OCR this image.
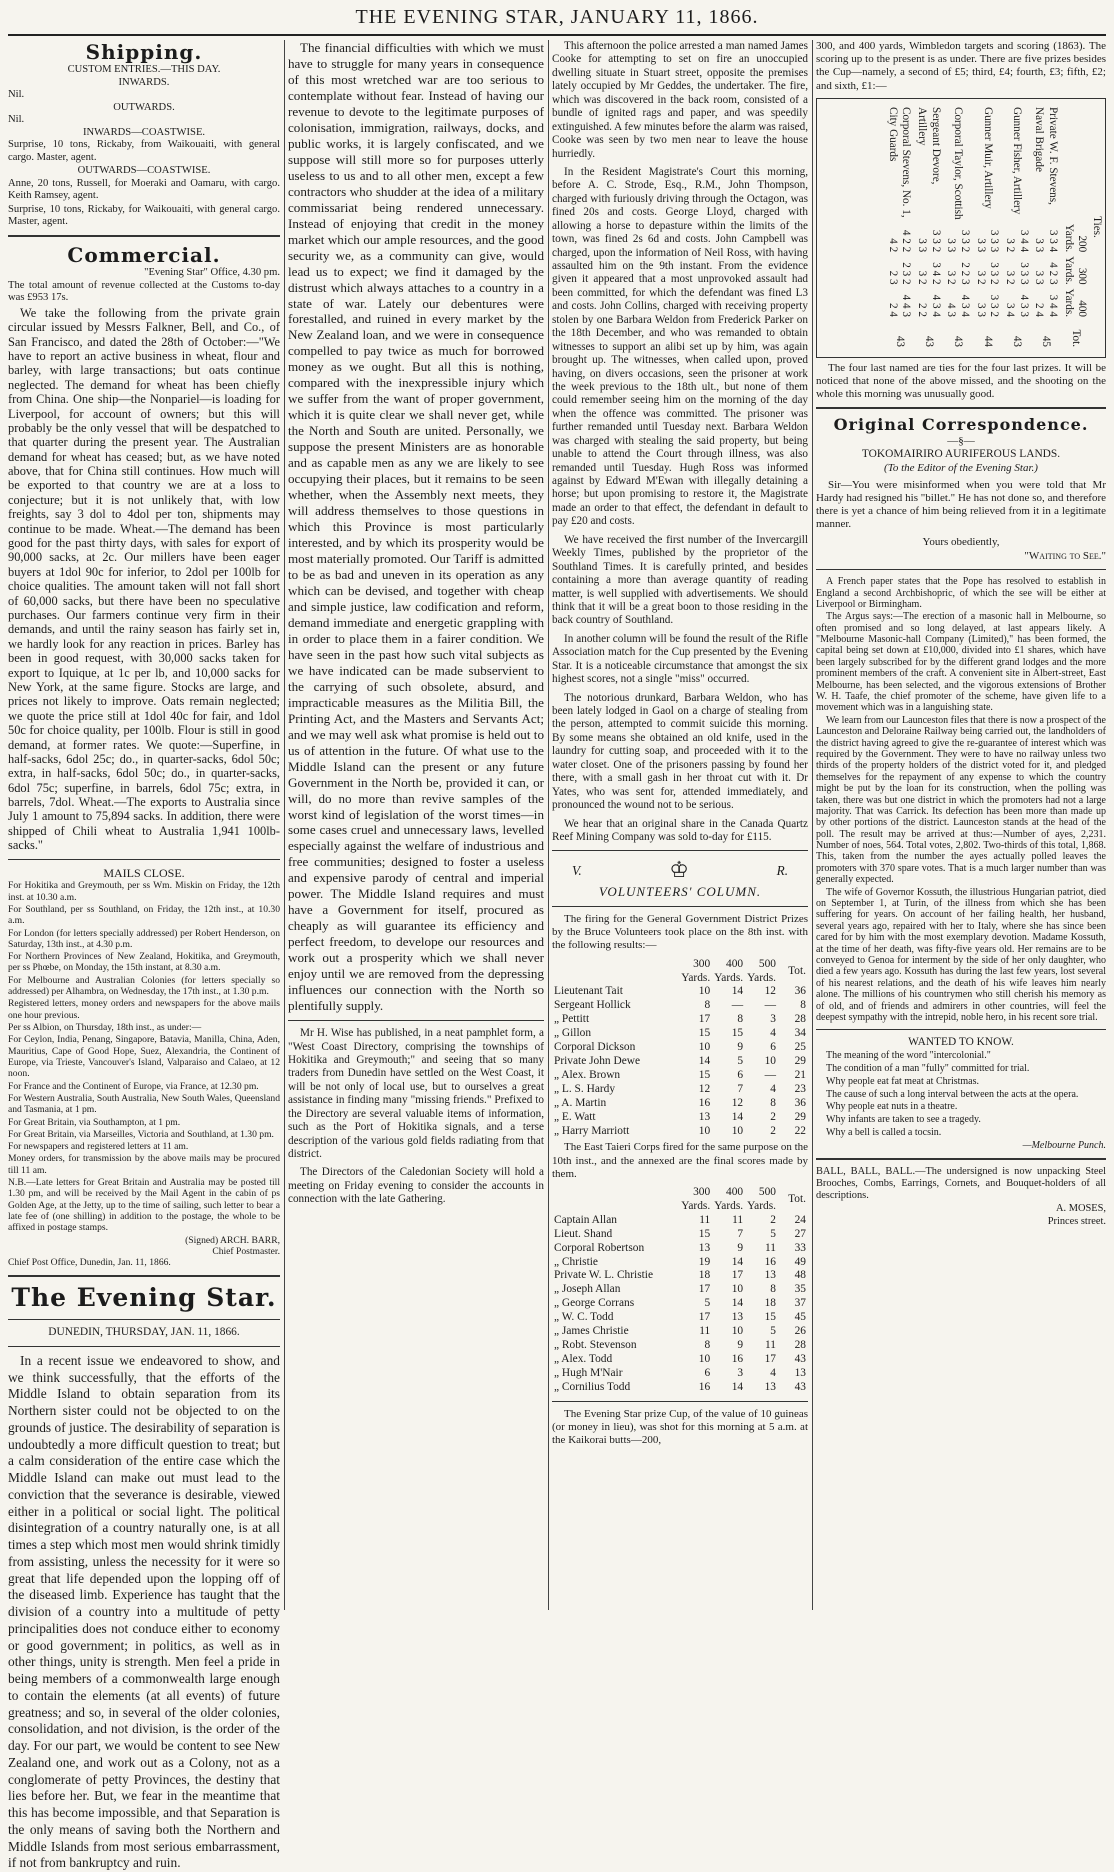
THE EVENING STAR, JANUARY 11, 1866.
Shipping.
CUSTOM ENTRIES.—THIS DAY.
INWARDS.
Nil.
OUTWARDS.
Nil.
INWARDS—COASTWISE.

Surprise, 10 tons, Rickaby, from Waikouaiti, with general cargo. Master, agent.

OUTWARDS—COASTWISE.

Anne, 20 tons, Russell, for Moeraki and Oamaru, with cargo. Keith Ramsey, agent.

Surprise, 10 tons, Rickaby, for Waikouaiti, with general cargo. Master, agent.

Commercial.
"Evening Star" Office, 4.30 pm.

The total amount of revenue collected at the Customs to-day was £953 17s.

We take the following from the private grain circular issued by Messrs Falkner, Bell, and Co., of San Francisco, and dated the 28th of October:—"We have to report an active business in wheat, flour and barley, with large transactions; but oats continue neglected. The demand for wheat has been chiefly from China. One ship—the Nonpariel—is loading for Liverpool, for account of owners; but this will probably be the only vessel that will be despatched to that quarter during the present year. The Australian demand for wheat has ceased; but, as we have noted above, that for China still continues. How much will be exported to that country we are at a loss to conjecture; but it is not unlikely that, with low freights, say 3 dol to 4dol per ton, shipments may continue to be made. Wheat.—The demand has been good for the past thirty days, with sales for export of 90,000 sacks, at 2c. Our millers have been eager buyers at 1dol 90c for inferior, to 2dol per 100lb for choice qualities. The amount taken will not fall short of 60,000 sacks, but there have been no speculative purchases. Our farmers continue very firm in their demands, and until the rainy season has fairly set in, we hardly look for any reaction in prices. Barley has been in good request, with 30,000 sacks taken for export to Iquique, at 1c per lb, and 10,000 sacks for New York, at the same figure. Stocks are large, and prices not likely to improve. Oats remain neglected; we quote the price still at 1dol 40c for fair, and 1dol 50c for choice quality, per 100lb. Flour is still in good demand, at former rates. We quote:—Superfine, in half-sacks, 6dol 25c; do., in quarter-sacks, 6dol 50c; extra, in half-sacks, 6dol 50c; do., in quarter-sacks, 6dol 75c; superfine, in barrels, 6dol 75c; extra, in barrels, 7dol. Wheat.—The exports to Australia since July 1 amount to 75,894 sacks. In addition, there were shipped of Chili wheat to Australia 1,941 100lb-sacks."

MAILS CLOSE.

For Hokitika and Greymouth, per ss Wm. Miskin on Friday, the 12th inst. at 10.30 a.m.

For Southland, per ss Southland, on Friday, the 12th inst., at 10.30 a.m.

For London (for letters specially addressed) per Robert Henderson, on Saturday, 13th inst., at 4.30 p.m.

For Northern Provinces of New Zealand, Hokitika, and Greymouth, per ss Phœbe, on Monday, the 15th instant, at 8.30 a.m.

For Melbourne and Australian Colonies (for letters specially so addressed) per Alhambra, on Wednesday, the 17th inst., at 1.30 p.m.

Registered letters, money orders and newspapers for the above mails one hour previous.

Per ss Albion, on Thursday, 18th inst., as under:—

For Ceylon, India, Penang, Singapore, Batavia, Manilla, China, Aden, Mauritius, Cape of Good Hope, Suez, Alexandria, the Continent of Europe, via Trieste, Vancouver's Island, Valparaiso and Calaeo, at 12 noon.

For France and the Continent of Europe, via France, at 12.30 pm.

For Western Australia, South Australia, New South Wales, Queensland and Tasmania, at 1 pm.

For Great Britain, via Southampton, at 1 pm.

For Great Britain, via Marseilles, Victoria and Southland, at 1.30 pm.

For newspapers and registered letters at 11 am.

Money orders, for transmission by the above mails may be procured till 11 am.

N.B.—Late letters for Great Britain and Australia may be posted till 1.30 pm, and will be received by the Mail Agent in the cabin of ps Golden Age, at the Jetty, up to the time of sailing, such letter to bear a late fee of (one shilling) in addition to the postage, the whole to be affixed in postage stamps.

(Signed) ARCH. BARR,
Chief Postmaster.
Chief Post Office, Dunedin, Jan. 11, 1866.
The Evening Star.
DUNEDIN, THURSDAY, JAN. 11, 1866.

In a recent issue we endeavored to show, and we think successfully, that the efforts of the Middle Island to obtain separation from its Northern sister could not be objected to on the grounds of justice. The desirability of separation is undoubtedly a more difficult question to treat; but a calm consideration of the entire case which the Middle Island can make out must lead to the conviction that the severance is desirable, viewed either in a political or social light. The political disintegration of a country naturally one, is at all times a step which most men would shrink timidly from assisting, unless the necessity for it were so great that life depended upon the lopping off of the diseased limb. Experience has taught that the division of a country into a multitude of petty principalities does not conduce either to economy or good government; in politics, as well as in other things, unity is strength. Men feel a pride in being members of a commonwealth large enough to contain the elements (at all events) of future greatness; and so, in several of the older colonies, consolidation, and not division, is the order of the day. For our part, we would be content to see New Zealand one, and work out as a Colony, not as a conglomerate of petty Provinces, the destiny that lies before her. But, we fear in the meantime that this has become impossible, and that Separation is the only means of saving both the Northern and Middle Islands from most serious embarrassment, if not from bankruptcy and ruin.

The financial difficulties with which we must have to struggle for many years in consequence of this most wretched war are too serious to contemplate without fear. Instead of having our revenue to devote to the legitimate purposes of colonisation, immigration, railways, docks, and public works, it is largely confiscated, and we suppose will still more so for purposes utterly useless to us and to all other men, except a few contractors who shudder at the idea of a military commissariat being rendered unnecessary. Instead of enjoying that credit in the money market which our ample resources, and the good security we, as a community can give, would lead us to expect; we find it damaged by the distrust which always attaches to a country in a state of war. Lately our debentures were forestalled, and ruined in every market by the New Zealand loan, and we were in consequence compelled to pay twice as much for borrowed money as we ought. But all this is nothing, compared with the inexpressible injury which we suffer from the want of proper government, which it is quite clear we shall never get, while the North and South are united. Personally, we suppose the present Ministers are as honorable and as capable men as any we are likely to see occupying their places, but it remains to be seen whether, when the Assembly next meets, they will address themselves to those questions in which this Province is most particularly interested, and by which its prosperity would be most materially promoted. Our Tariff is admitted to be as bad and uneven in its operation as any which can be devised, and together with cheap and simple justice, law codification and reform, demand immediate and energetic grappling with in order to place them in a fairer condition. We have seen in the past how such vital subjects as we have indicated can be made subservient to the carrying of such obsolete, absurd, and impracticable measures as the Militia Bill, the Printing Act, and the Masters and Servants Act; and we may well ask what promise is held out to us of attention in the future. Of what use to the Middle Island can the present or any future Government in the North be, provided it can, or will, do no more than revive samples of the worst kind of legislation of the worst times—in some cases cruel and unnecessary laws, levelled especially against the welfare of industrious and free communities; designed to foster a useless and expensive parody of central and imperial power. The Middle Island requires and must have a Government for itself, procured as cheaply as will guarantee its efficiency and perfect freedom, to develope our resources and work out a prosperity which we shall never enjoy until we are removed from the depressing influences our connection with the North so plentifully supply.

Mr H. Wise has published, in a neat pamphlet form, a "West Coast Directory, comprising the townships of Hokitika and Greymouth;" and seeing that so many traders from Dunedin have settled on the West Coast, it will be not only of local use, but to ourselves a great assistance in finding many "missing friends." Prefixed to the Directory are several valuable items of information, such as the Port of Hokitika signals, and a terse description of the various gold fields radiating from that district.

The Directors of the Caledonian Society will hold a meeting on Friday evening to consider the accounts in connection with the late Gathering.

This afternoon the police arrested a man named James Cooke for attempting to set on fire an unoccupied dwelling situate in Stuart street, opposite the premises lately occupied by Mr Geddes, the undertaker. The fire, which was discovered in the back room, consisted of a bundle of ignited rags and paper, and was speedily extinguished. A few minutes before the alarm was raised, Cooke was seen by two men near to leave the house hurriedly.

In the Resident Magistrate's Court this morning, before A. C. Strode, Esq., R.M., John Thompson, charged with furiously driving through the Octagon, was fined 20s and costs. George Lloyd, charged with allowing a horse to depasture within the limits of the town, was fined 2s 6d and costs. John Campbell was charged, upon the information of Neil Ross, with having assaulted him on the 9th instant. From the evidence given it appeared that a most unprovoked assault had been committed, for which the defendant was fined L3 and costs. John Collins, charged with receiving property stolen by one Barbara Weldon from Frederick Parker on the 18th December, and who was remanded to obtain witnesses to support an alibi set up by him, was again brought up. The witnesses, when called upon, proved having, on divers occasions, seen the prisoner at work the week previous to the 18th ult., but none of them could remember seeing him on the morning of the day when the offence was committed. The prisoner was further remanded until Tuesday next. Barbara Weldon was charged with stealing the said property, but being unable to attend the Court through illness, was also remanded until Tuesday. Hugh Ross was informed against by Edward M'Ewan with illegally detaining a horse; but upon promising to restore it, the Magistrate made an order to that effect, the defendant in default to pay £20 and costs.

We have received the first number of the Invercargill Weekly Times, published by the proprietor of the Southland Times. It is carefully printed, and besides containing a more than average quantity of reading matter, is well supplied with advertisements. We should think that it will be a great boon to those residing in the back country of Southland.

In another column will be found the result of the Rifle Association match for the Cup presented by the Evening Star. It is a noticeable circumstance that amongst the six highest scores, not a single "miss" occurred.

The notorious drunkard, Barbara Weldon, who has been lately lodged in Gaol on a charge of stealing from the person, attempted to commit suicide this morning. By some means she obtained an old knife, used in the laundry for cutting soap, and proceeded with it to the water closet. One of the prisoners passing by found her there, with a small gash in her throat cut with it. Dr Yates, who was sent for, attended immediately, and pronounced the wound not to be serious.

We hear that an original share in the Canada Quartz Reef Mining Company was sold to-day for £115.

V.	♔	R.
VOLUNTEERS' COLUMN.

The firing for the General Government District Prizes by the Bruce Volunteers took place on the 8th inst. with the following results:—

	300 Yards.	400 Yards.	500 Yards.	Tot.
Lieutenant Tait	10	14	12	36
Sergeant Hollick	8	—	—	8
„ Pettitt	17	8	3	28
„ Gillon	15	15	4	34
Corporal Dickson	10	9	6	25
Private John Dewe	14	5	10	29
„ Alex. Brown	15	6	—	21
„ L. S. Hardy	12	7	4	23
„ A. Martin	16	12	8	36
„ E. Watt	13	14	2	29
„ Harry Marriott	10	10	2	22

The East Taieri Corps fired for the same purpose on the 10th inst., and the annexed are the final scores made by them.

	300 Yards.	400 Yards.	500 Yards.	Tot.
Captain Allan	11	11	2	24
Lieut. Shand	15	7	5	27
Corporal Robertson	13	9	11	33
„ Christie	19	14	16	49
Private W. L. Christie	18	17	13	48
„ Joseph Allan	17	10	8	35
„ George Corrans	5	14	18	37
„ W. C. Todd	17	13	15	45
„ James Christie	11	10	5	26
„ Robt. Stevenson	8	9	11	28
„ Alex. Todd	10	16	17	43
„ Hugh M'Nair	6	3	4	13
„ Cornilius Todd	16	14	13	43

The Evening Star prize Cup, of the value of 10 guineas (or money in lieu), was shot for this morning at 5 a.m. at the Kaikorai butts—200,

300, and 400 yards, Wimbledon targets and scoring (1863). The scoring up to the present is as under. There are five prizes besides the Cup—namely, a second of £5; third, £4; fourth, £3; fifth, £2; and sixth, £1:—

Ties.
	200 Yards.	300 Yards.	400 Yards.	Tot.
Private W. F. Stevens, Naval Brigade	3 3 4 3 3	4 2 3 3 3	3 4 4 2 4	45
Gunner Fisher, Artillery	3 4 4 3 2	3 3 3 3 2	4 3 3 3 4	43
Gunner Muir, Artillery	3 3 3 3 3	3 3 2 3 2	3 3 2 3 3	44
Corporal Taylor, Scottish	3 3 2 3 3	2 2 3 3 2	4 3 4 4 3	43
Sergeant Devore, Artillery	3 3 2 3 3	3 4 2 3 2	4 3 4 2 2	43
Corporal Stevens, No. 1, City Guards	4 2 2 4 2	2 3 2 2 3	4 4 3 2 4	43

The four last named are ties for the four last prizes. It will be noticed that none of the above missed, and the shooting on the whole this morning was unusually good.

Original Correspondence.
—§—
TOKOMAIRIRO AURIFEROUS LANDS.
(To the Editor of the Evening Star.)

Sir—You were misinformed when you were told that Mr Hardy had resigned his "billet." He has not done so, and therefore there is yet a chance of him being relieved from it in a legitimate manner.

Yours obediently,
"Waiting to See."

A French paper states that the Pope has resolved to establish in England a second Archbishopric, of which the see will be either at Liverpool or Birmingham.

The Argus says:—The erection of a masonic hall in Melbourne, so often promised and so long delayed, at last appears likely. A "Melbourne Masonic-hall Company (Limited)," has been formed, the capital being set down at £10,000, divided into £1 shares, which have been largely subscribed for by the different grand lodges and the more prominent members of the craft. A convenient site in Albert-street, East Melbourne, has been selected, and the vigorous extensions of Brother W. H. Taafe, the chief promoter of the scheme, have given life to a movement which was in a languishing state.

We learn from our Launceston files that there is now a prospect of the Launceston and Deloraine Railway being carried out, the landholders of the district having agreed to give the re-guarantee of interest which was required by the Government. They were to have no railway unless two thirds of the property holders of the district voted for it, and pledged themselves for the repayment of any expense to which the country might be put by the loan for its construction, when the polling was taken, there was but one district in which the promoters had not a large majority. That was Carrick. Its defection has been more than made up by other portions of the district. Launceston stands at the head of the poll. The result may be arrived at thus:—Number of ayes, 2,231. Number of noes, 564. Total votes, 2,802. Two-thirds of this total, 1,868. This, taken from the number the ayes actually polled leaves the promoters with 370 spare votes. That is a much larger number than was generally expected.

The wife of Governor Kossuth, the illustrious Hungarian patriot, died on September 1, at Turin, of the illness from which she has been suffering for years. On account of her failing health, her husband, several years ago, repaired with her to Italy, where she has since been cared for by him with the most exemplary devotion. Madame Kossuth, at the time of her death, was fifty-five years old. Her remains are to be conveyed to Genoa for interment by the side of her only daughter, who died a few years ago. Kossuth has during the last few years, lost several of his nearest relations, and the death of his wife leaves him nearly alone. The millions of his countrymen who still cherish his memory as of old, and of friends and admirers in other countries, will feel the deepest sympathy with the intrepid, noble hero, in his recent sore trial.

WANTED TO KNOW.

The meaning of the word "intercolonial."

The condition of a man "fully" committed for trial.

Why people eat fat meat at Christmas.

The cause of such a long interval between the acts at the opera.

Why people eat nuts in a theatre.

Why infants are taken to see a tragedy.

Why a bell is called a tocsin.

—Melbourne Punch.

BALL, BALL, BALL.—The undersigned is now unpacking Steel Brooches, Combs, Earrings, Cornets, and Bouquet-holders of all descriptions.

A. MOSES,
Princes street.
